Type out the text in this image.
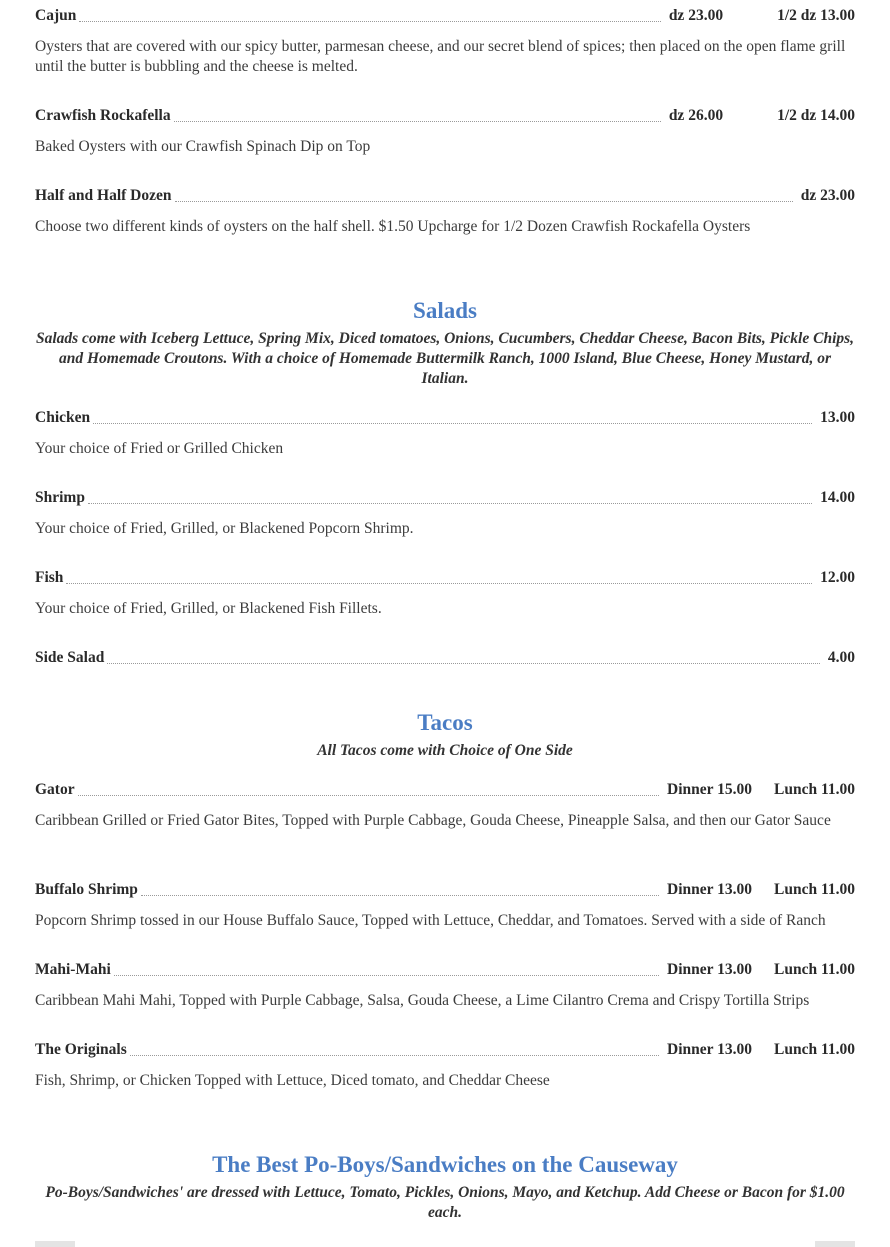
Cajun	dz 23.00	1/2 dz 13.00
Oysters that are covered with our spicy butter, parmesan cheese, and our secret blend of spices; then placed on the open flame grill until the butter is bubbling and the cheese is melted.
Crawfish Rockafella	dz 26.00	1/2 dz 14.00
Baked Oysters with our Crawfish Spinach Dip on Top
Half and Half Dozen	dz 23.00
Choose two different kinds of oysters on the half shell. $1.50 Upcharge for 1/2 Dozen Crawfish Rockafella Oysters
Salads
Salads come with Iceberg Lettuce, Spring Mix, Diced tomatoes, Onions, Cucumbers, Cheddar Cheese, Bacon Bits, Pickle Chips, and Homemade Croutons. With a choice of Homemade Buttermilk Ranch, 1000 Island, Blue Cheese, Honey Mustard, or Italian.
Chicken	13.00
Your choice of Fried or Grilled Chicken
Shrimp	14.00
Your choice of Fried, Grilled, or Blackened Popcorn Shrimp.
Fish	12.00
Your choice of Fried, Grilled, or Blackened Fish Fillets.
Side Salad	4.00
Tacos
All Tacos come with Choice of One Side
Gator	Dinner 15.00 Lunch 11.00
Caribbean Grilled or Fried Gator Bites, Topped with Purple Cabbage, Gouda Cheese, Pineapple Salsa, and then our Gator Sauce
Buffalo Shrimp	Dinner 13.00 Lunch 11.00
Popcorn Shrimp tossed in our House Buffalo Sauce, Topped with Lettuce, Cheddar, and Tomatoes. Served with a side of Ranch
Mahi-Mahi	Dinner 13.00 Lunch 11.00
Caribbean Mahi Mahi, Topped with Purple Cabbage, Salsa, Gouda Cheese, a Lime Cilantro Crema and Crispy Tortilla Strips
The Originals	Dinner 13.00 Lunch 11.00
Fish, Shrimp, or Chicken Topped with Lettuce, Diced tomato, and Cheddar Cheese
The Best Po-Boys/Sandwiches on the Causeway
Po-Boys/Sandwiches' are dressed with Lettuce, Tomato, Pickles, Onions, Mayo, and Ketchup. Add Cheese or Bacon for $1.00 each.
